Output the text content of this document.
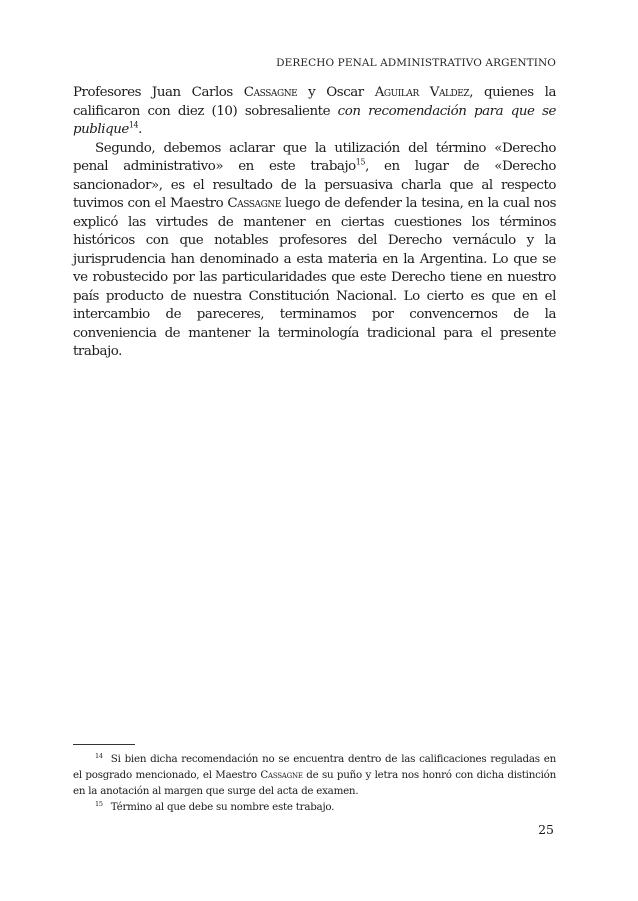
DERECHO PENAL ADMINISTRATIVO ARGENTINO

Profesores Juan Carlos Cassagne y Oscar Aguilar Valdez, quienes la calificaron con diez (10) sobresaliente con recomendación para que se publique$^{14}$.

Segundo, debemos aclarar que la utilización del término «Derecho penal administrativo» en este trabajo$^{15}$, en lugar de «Derecho sancionador», es el resultado de la persuasiva charla que al respecto tuvimos con el Maestro Cassagne luego de defender la tesina, en la cual nos explicó las virtudes de mantener en ciertas cuestiones los términos históricos con que notables profesores del Derecho vernáculo y la jurisprudencia han denominado a esta materia en la Argentina. Lo que se ve robustecido por las particularidades que este Derecho tiene en nuestro país producto de nuestra Constitución Nacional. Lo cierto es que en el intercambio de pareceres, terminamos por convencernos de la conveniencia de mantener la terminología tradicional para el presente trabajo.

$^{14}$ Si bien dicha recomendación no se encuentra dentro de las calificaciones reguladas en el posgrado mencionado, el Maestro Cassagne de su puño y letra nos honró con dicha distinción en la anotación al margen que surge del acta de examen.

$^{15}$ Término al que debe su nombre este trabajo.

25
